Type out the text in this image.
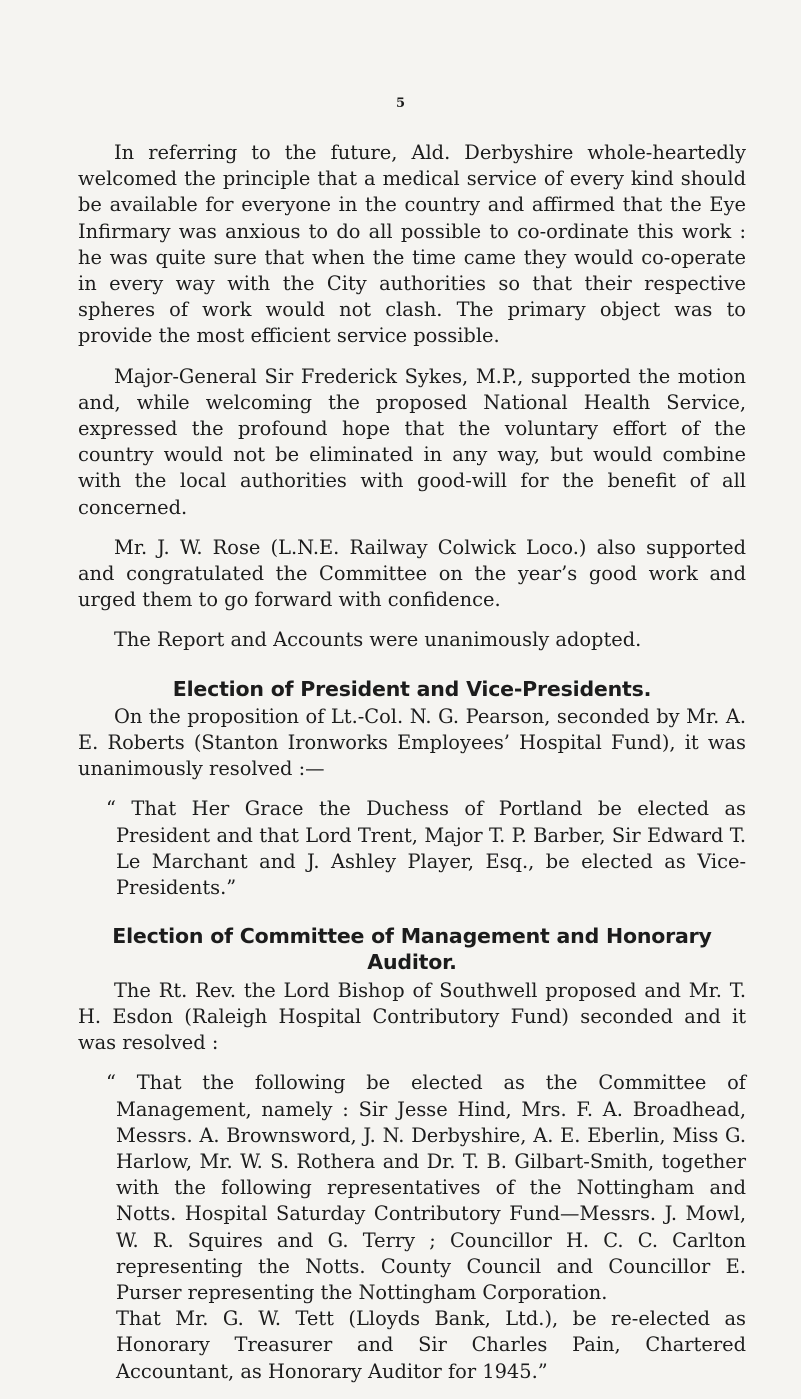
5

In referring to the future, Ald. Derbyshire whole-heartedly welcomed the principle that a medical service of every kind should be available for everyone in the country and affirmed that the Eye Infirmary was anxious to do all possible to co-ordinate this work : he was quite sure that when the time came they would co-operate in every way with the City authorities so that their respective spheres of work would not clash. The primary object was to provide the most efficient service possible.

Major-General Sir Frederick Sykes, M.P., supported the motion and, while welcoming the proposed National Health Service, expressed the profound hope that the voluntary effort of the country would not be eliminated in any way, but would combine with the local authorities with good-will for the benefit of all concerned.

Mr. J. W. Rose (L.N.E. Railway Colwick Loco.) also supported and congratulated the Committee on the year’s good work and urged them to go forward with confidence.

The Report and Accounts were unanimously adopted.

Election of President and Vice-Presidents.

On the proposition of Lt.-Col. N. G. Pearson, seconded by Mr. A. E. Roberts (Stanton Ironworks Employees’ Hospital Fund), it was unanimously resolved :—

“ That Her Grace the Duchess of Portland be elected as President and that Lord Trent, Major T. P. Barber, Sir Edward T. Le Marchant and J. Ashley Player, Esq., be elected as Vice-Presidents.”

Election of Committee of Management and Honorary Auditor.

The Rt. Rev. the Lord Bishop of Southwell proposed and Mr. T. H. Esdon (Raleigh Hospital Contributory Fund) seconded and it was resolved :

“ That the following be elected as the Committee of Management, namely : Sir Jesse Hind, Mrs. F. A. Broadhead, Messrs. A. Brownsword, J. N. Derbyshire, A. E. Eberlin, Miss G. Harlow, Mr. W. S. Rothera and Dr. T. B. Gilbart-Smith, together with the following representatives of the Nottingham and Notts. Hospital Saturday Contributory Fund—Messrs. J. Mowl, W. R. Squires and G. Terry ; Councillor H. C. C. Carlton representing the Notts. County Council and Councillor E. Purser representing the Nottingham Corporation.

That Mr. G. W. Tett (Lloyds Bank, Ltd.), be re-elected as Honorary Treasurer and Sir Charles Pain, Chartered Accountant, as Honorary Auditor for 1945.”
